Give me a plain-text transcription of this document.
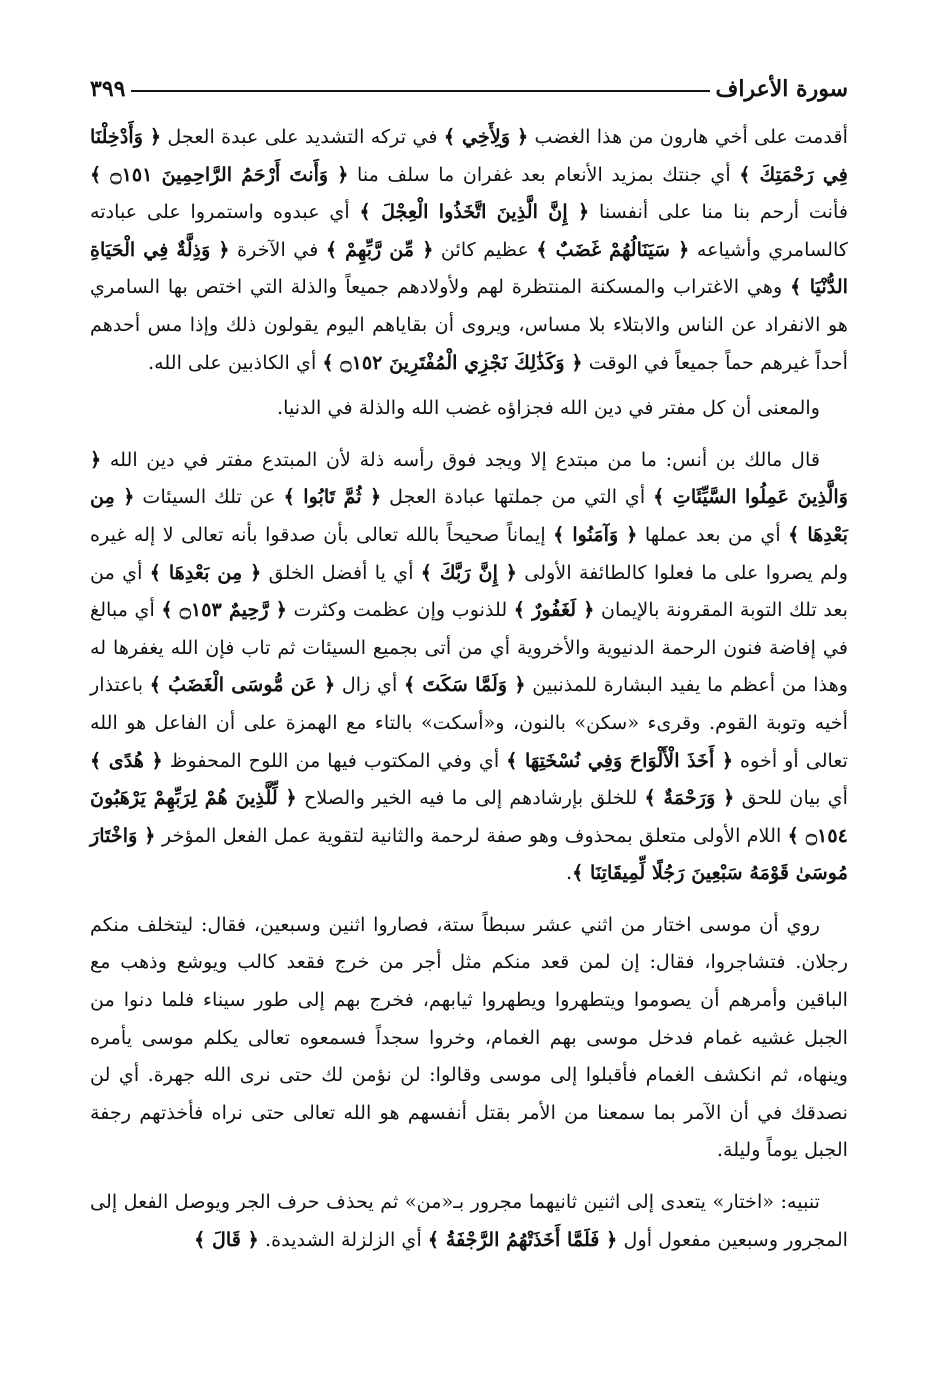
سورة الأعراف
٣٩٩

أقدمت على أخي هارون من هذا الغضب ﴿ وَلِأَخِي ﴾ في تركه التشديد على عبدة العجل ﴿ وَأَدْخِلْنَا فِي رَحْمَتِكَ ﴾ أي جنتك بمزيد الأنعام بعد غفران ما سلف منا ﴿ وَأَنتَ أَرْحَمُ الرَّاحِمِينَ ۝١٥١ ﴾ فأنت أرحم بنا منا على أنفسنا ﴿ إِنَّ الَّذِينَ اتَّخَذُوا الْعِجْلَ ﴾ أي عبدوه واستمروا على عبادته كالسامري وأشياعه ﴿ سَيَنَالُهُمْ غَضَبٌ ﴾ عظيم كائن ﴿ مِّن رَّبِّهِمْ ﴾ في الآخرة ﴿ وَذِلَّةٌ فِي الْحَيَاةِ الدُّنْيَا ﴾ وهي الاغتراب والمسكنة المنتظرة لهم ولأولادهم جميعاً والذلة التي اختص بها السامري هو الانفراد عن الناس والابتلاء بلا مساس، ويروى أن بقاياهم اليوم يقولون ذلك وإذا مس أحدهم أحداً غيرهم حماً جميعاً في الوقت ﴿ وَكَذَٰلِكَ نَجْزِي الْمُفْتَرِينَ ۝١٥٢ ﴾ أي الكاذبين على الله.

والمعنى أن كل مفتر في دين الله فجزاؤه غضب الله والذلة في الدنيا.

قال مالك بن أنس: ما من مبتدع إلا ويجد فوق رأسه ذلة لأن المبتدع مفتر في دين الله ﴿ وَالَّذِينَ عَمِلُوا السَّيِّئَاتِ ﴾ أي التي من جملتها عبادة العجل ﴿ ثُمَّ تَابُوا ﴾ عن تلك السيئات ﴿ مِن بَعْدِهَا ﴾ أي من بعد عملها ﴿ وَآمَنُوا ﴾ إيماناً صحيحاً بالله تعالى بأن صدقوا بأنه تعالى لا إله غيره ولم يصروا على ما فعلوا كالطائفة الأولى ﴿ إِنَّ رَبَّكَ ﴾ أي يا أفضل الخلق ﴿ مِن بَعْدِهَا ﴾ أي من بعد تلك التوبة المقرونة بالإيمان ﴿ لَغَفُورٌ ﴾ للذنوب وإن عظمت وكثرت ﴿ رَّحِيمٌ ۝١٥٣ ﴾ أي مبالغ في إفاضة فنون الرحمة الدنيوية والأخروية أي من أتى بجميع السيئات ثم تاب فإن الله يغفرها له وهذا من أعظم ما يفيد البشارة للمذنبين ﴿ وَلَمَّا سَكَتَ ﴾ أي زال ﴿ عَن مُّوسَى الْغَضَبُ ﴾ باعتذار أخيه وتوبة القوم. وقرىء «سكن» بالنون، و«أسكت» بالتاء مع الهمزة على أن الفاعل هو الله تعالى أو أخوه ﴿ أَخَذَ الْأَلْوَاحَ وَفِي نُسْخَتِهَا ﴾ أي وفي المكتوب فيها من اللوح المحفوظ ﴿ هُدًى ﴾ أي بيان للحق ﴿ وَرَحْمَةٌ ﴾ للخلق بإرشادهم إلى ما فيه الخير والصلاح ﴿ لِّلَّذِينَ هُمْ لِرَبِّهِمْ يَرْهَبُونَ ۝١٥٤ ﴾ اللام الأولى متعلق بمحذوف وهو صفة لرحمة والثانية لتقوية عمل الفعل المؤخر ﴿ وَاخْتَارَ مُوسَىٰ قَوْمَهُ سَبْعِينَ رَجُلًا لِّمِيقَاتِنَا ﴾.

روي أن موسى اختار من اثني عشر سبطاً ستة، فصاروا اثنين وسبعين، فقال: ليتخلف منكم رجلان. فتشاجروا، فقال: إن لمن قعد منكم مثل أجر من خرج فقعد كالب ويوشع وذهب مع الباقين وأمرهم أن يصوموا ويتطهروا ويطهروا ثيابهم، فخرج بهم إلى طور سيناء فلما دنوا من الجبل غشيه غمام فدخل موسى بهم الغمام، وخروا سجداً فسمعوه تعالى يكلم موسى يأمره وينهاه، ثم انكشف الغمام فأقبلوا إلى موسى وقالوا: لن نؤمن لك حتى نرى الله جهرة. أي لن نصدقك في أن الآمر بما سمعنا من الأمر بقتل أنفسهم هو الله تعالى حتى نراه فأخذتهم رجفة الجبل يوماً وليلة.

تنبيه: «اختار» يتعدى إلى اثنين ثانيهما مجرور بـ«من» ثم يحذف حرف الجر ويوصل الفعل إلى المجرور وسبعين مفعول أول ﴿ فَلَمَّا أَخَذَتْهُمُ الرَّجْفَةُ ﴾ أي الزلزلة الشديدة. ﴿ قَالَ ﴾
